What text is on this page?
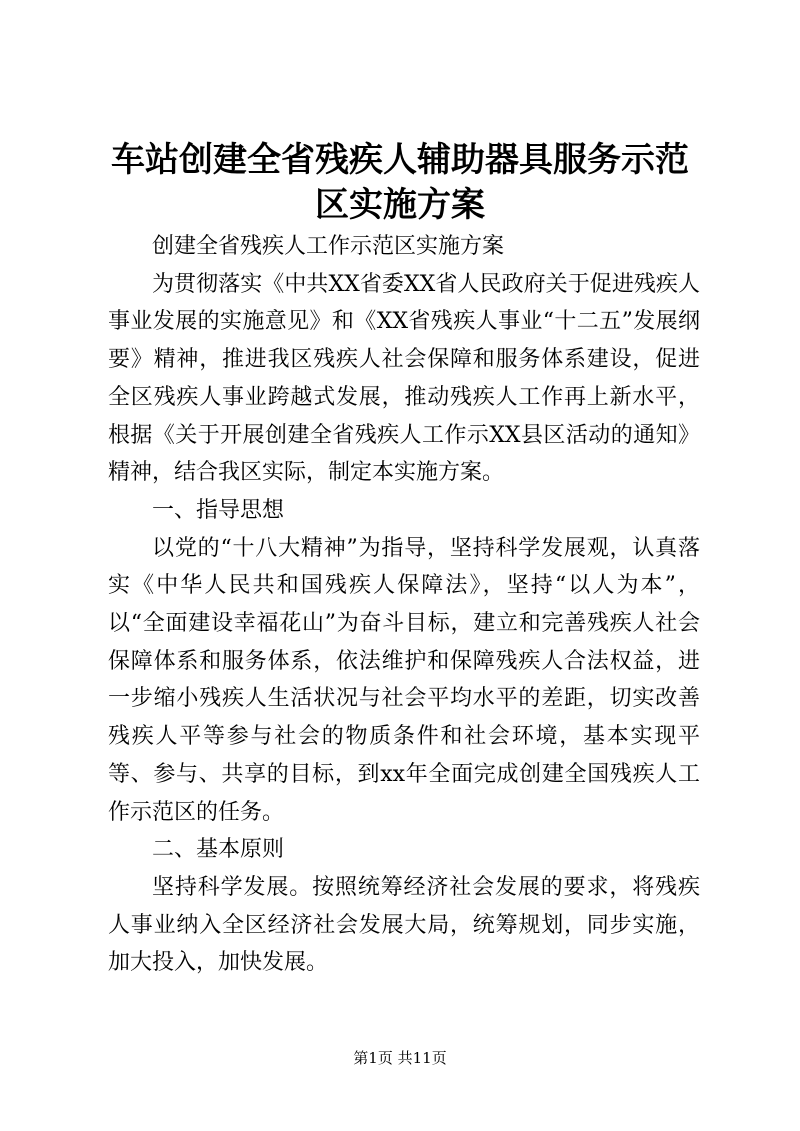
车站创建全省残疾人辅助器具服务示范区实施方案

创建全省残疾人工作示范区实施方案

为贯彻落实《中共XX省委XX省人民政府关于促进残疾人事业发展的实施意见》和《XX省残疾人事业“十二五”发展纲要》精神，推进我区残疾人社会保障和服务体系建设，促进全区残疾人事业跨越式发展，推动残疾人工作再上新水平，根据《关于开展创建全省残疾人工作示XX县区活动的通知》精神，结合我区实际，制定本实施方案。

一、指导思想

以党的“十八大精神”为指导，坚持科学发展观，认真落实《中华人民共和国残疾人保障法》，坚持“以人为本”，以“全面建设幸福花山”为奋斗目标，建立和完善残疾人社会保障体系和服务体系，依法维护和保障残疾人合法权益，进一步缩小残疾人生活状况与社会平均水平的差距，切实改善残疾人平等参与社会的物质条件和社会环境，基本实现平等、参与、共享的目标，到xx年全面完成创建全国残疾人工作示范区的任务。

二、基本原则

坚持科学发展。按照统筹经济社会发展的要求，将残疾人事业纳入全区经济社会发展大局，统筹规划，同步实施，加大投入，加快发展。

第1页 共11页
